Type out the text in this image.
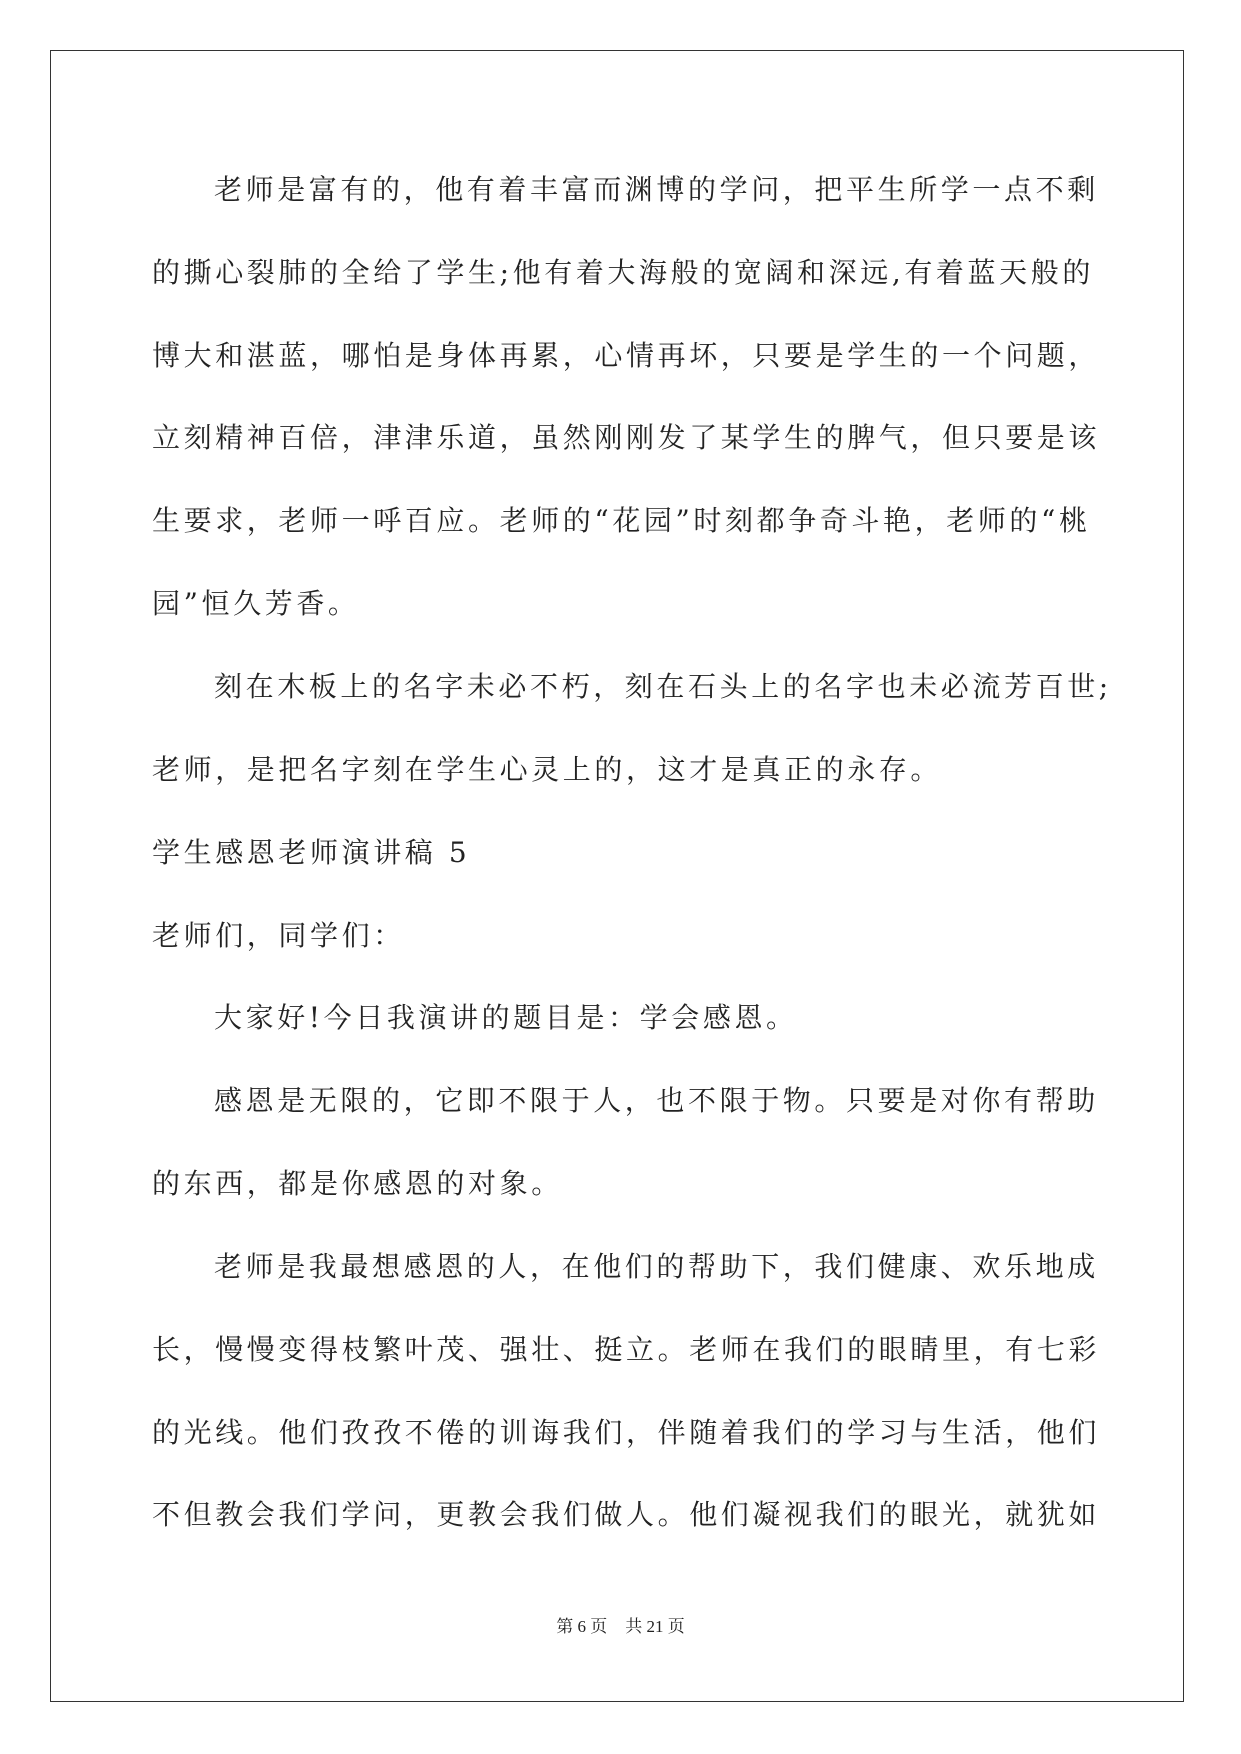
老师是富有的，他有着丰富而渊博的学问，把平生所学一点不剩
的撕心裂肺的全给了学生;他有着大海般的宽阔和深远,有着蓝天般的
博大和湛蓝，哪怕是身体再累，心情再坏，只要是学生的一个问题，
立刻精神百倍，津津乐道，虽然刚刚发了某学生的脾气，但只要是该
生要求，老师一呼百应。老师的“花园”时刻都争奇斗艳，老师的“桃
园”恒久芳香。
刻在木板上的名字未必不朽，刻在石头上的名字也未必流芳百世;
老师，是把名字刻在学生心灵上的，这才是真正的永存。
学生感恩老师演讲稿 5
老师们，同学们：
大家好!今日我演讲的题目是：学会感恩。
感恩是无限的，它即不限于人，也不限于物。只要是对你有帮助
的东西，都是你感恩的对象。
老师是我最想感恩的人，在他们的帮助下，我们健康、欢乐地成
长，慢慢变得枝繁叶茂、强壮、挺立。老师在我们的眼睛里，有七彩
的光线。他们孜孜不倦的训诲我们，伴随着我们的学习与生活，他们
不但教会我们学问，更教会我们做人。他们凝视我们的眼光，就犹如
第 6 页 共 21 页
